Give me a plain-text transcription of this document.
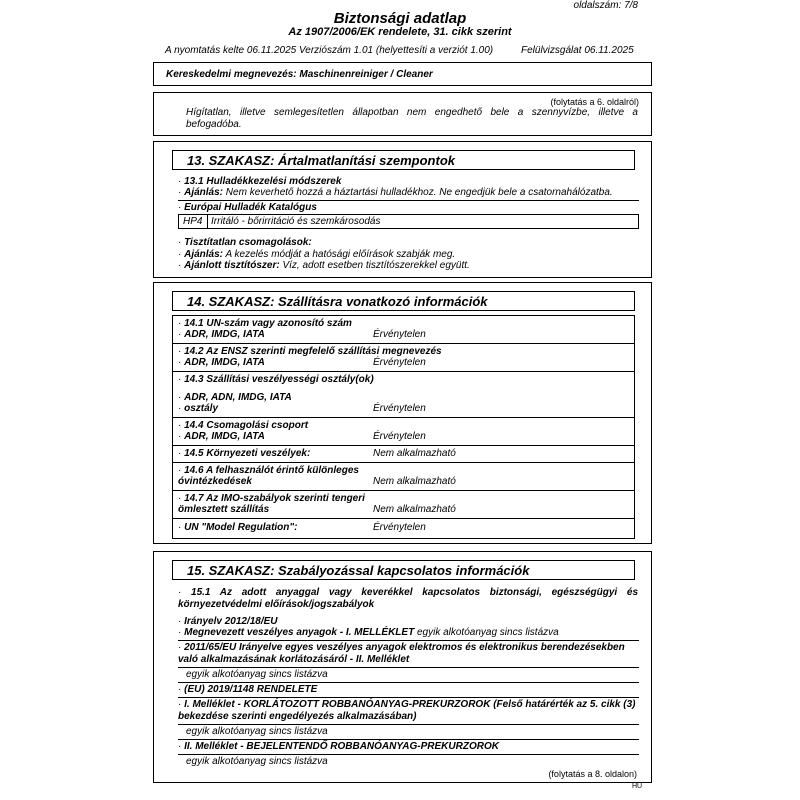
oldalszám: 7/8
Biztonsági adatlap
Az 1907/2006/EK rendelete, 31. cikk szerint
A nyomtatás kelte 06.11.2025 Verziószám 1.01 (helyettesíti a verziót 1.00)	Felülvizsgálat 06.11.2025
Kereskedelmi megnevezés: Maschinenreiniger / Cleaner
(folytatás a 6. oldalról)
Hígítatlan, illetve semlegesítetlen állapotban nem engedhető bele a szennyvízbe, illetve a befogadóba.
13. SZAKASZ: Ártalmatlanítási szempontok
· 13.1 Hulladékkezelési módszerek
· Ajánlás: Nem keverhető hozzá a háztartási hulladékhoz. Ne engedjük bele a csatornahálózatba.
· Európai Hulladék Katalógus
HP4 Irritáló - bőrirritáció és szemkárosodás
· Tisztítatlan csomagolások:
· Ajánlás: A kezelés módját a hatósági előírások szabják meg.
· Ajánlott tisztítószer: Víz, adott esetben tisztítószerekkel együtt.
14. SZAKASZ: Szállításra vonatkozó információk
· 14.1 UN-szám vagy azonosító szám
· ADR, IMDG, IATA	Érvénytelen
· 14.2 Az ENSZ szerinti megfelelő szállítási megnevezés
· ADR, IMDG, IATA	Érvénytelen
· 14.3 Szállítási veszélyességi osztály(ok)
· ADR, ADN, IMDG, IATA
· osztály	Érvénytelen
· 14.4 Csomagolási csoport
· ADR, IMDG, IATA	Érvénytelen
· 14.5 Környezeti veszélyek:	Nem alkalmazható
· 14.6 A felhasználót érintő különleges
óvintézkedések	Nem alkalmazható
· 14.7 Az IMO-szabályok szerinti tengeri
ömlesztett szállítás	Nem alkalmazható
· UN "Model Regulation":	Érvénytelen
15. SZAKASZ: Szabályozással kapcsolatos információk
· 15.1 Az adott anyaggal vagy keverékkel kapcsolatos biztonsági, egészségügyi és környezetvédelmi előírások/jogszabályok
· Irányelv 2012/18/EU
· Megnevezett veszélyes anyagok - I. MELLÉKLET egyik alkotóanyag sincs listázva
· 2011/65/EU Irányelve egyes veszélyes anyagok elektromos és elektronikus berendezésekben való alkalmazásának korlátozásáról - II. Melléklet
egyik alkotóanyag sincs listázva
· (EU) 2019/1148 RENDELETE
· I. Melléklet - KORLÁTOZOTT ROBBANÓANYAG-PREKURZOROK (Felső határérték az 5. cikk (3) bekezdése szerinti engedélyezés alkalmazásában)
egyik alkotóanyag sincs listázva
· II. Melléklet - BEJELENTENDŐ ROBBANÓANYAG-PREKURZOROK
egyik alkotóanyag sincs listázva
(folytatás a 8. oldalon)
HU
